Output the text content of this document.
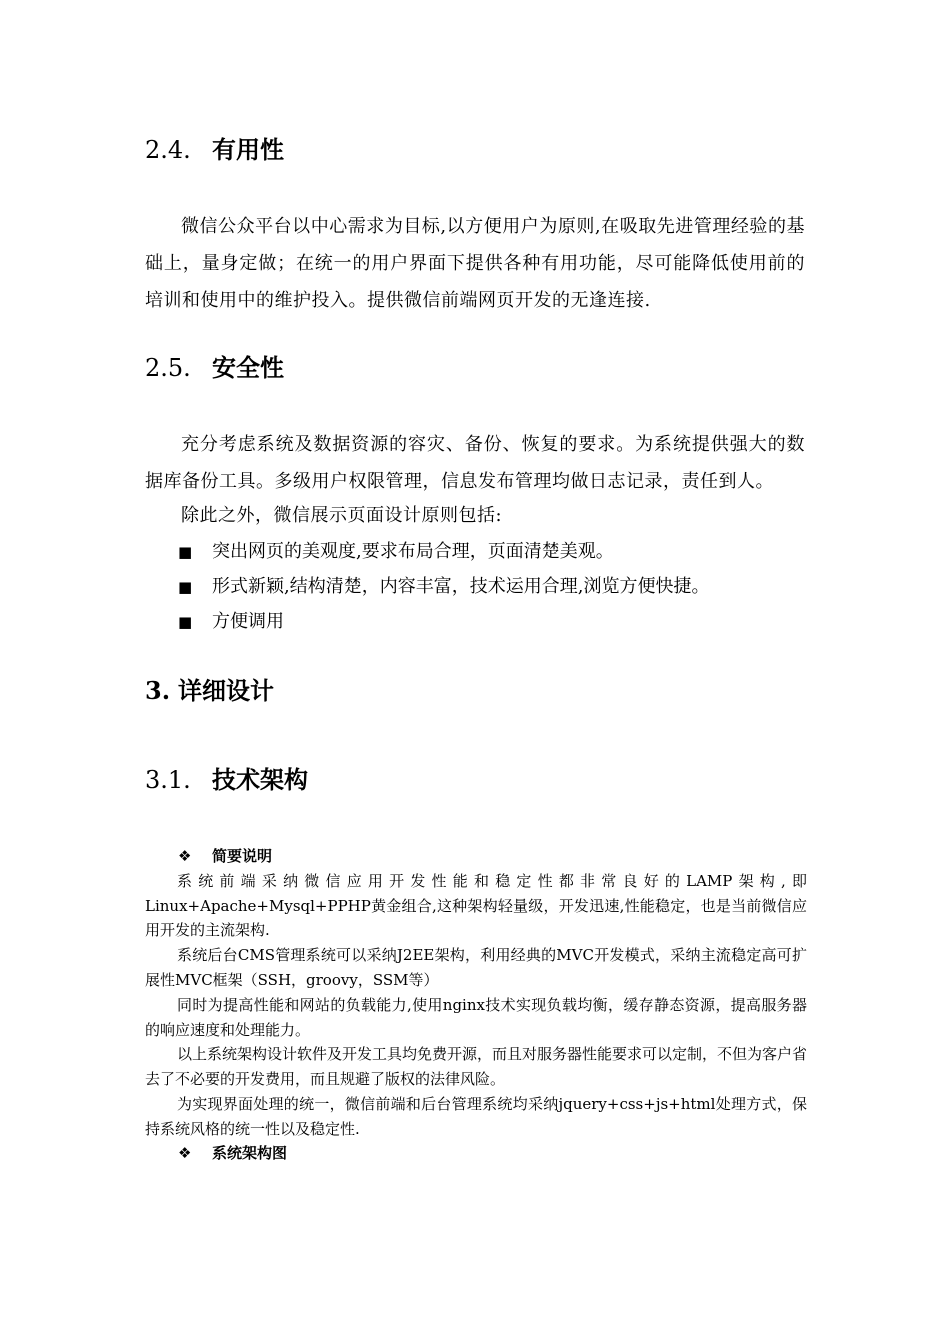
2.4. 有用性
微信公众平台以中心需求为目标,以方便用户为原则,在吸取先进管理经验的基础上，量身定做；在统一的用户界面下提供各种有用功能，尽可能降低使用前的培训和使用中的维护投入。提供微信前端网页开发的无逢连接.
2.5. 安全性
充分考虑系统及数据资源的容灾、备份、恢复的要求。为系统提供强大的数据库备份工具。多级用户权限管理，信息发布管理均做日志记录，责任到人。
除此之外，微信展示页面设计原则包括:
■ 突出网页的美观度,要求布局合理，页面清楚美观。
■ 形式新颖,结构清楚，内容丰富，技术运用合理,浏览方便快捷。
■ 方便调用
3. 详细设计
3.1. 技术架构
❖ 简要说明
系统前端采纳微信应用开发性能和稳定性都非常良好的LAMP架构,即Linux+Apache+Mysql+PPHP黄金组合,这种架构轻量级，开发迅速,性能稳定，也是当前微信应用开发的主流架构.
系统后台CMS管理系统可以采纳J2EE架构，利用经典的MVC开发模式，采纳主流稳定高可扩展性MVC框架（SSH，groovy，SSM等）
同时为提高性能和网站的负载能力,使用nginx技术实现负载均衡，缓存静态资源，提高服务器的响应速度和处理能力。
以上系统架构设计软件及开发工具均免费开源，而且对服务器性能要求可以定制，不但为客户省去了不必要的开发费用，而且规避了版权的法律风险。
为实现界面处理的统一，微信前端和后台管理系统均采纳jquery+css+js+html处理方式，保持系统风格的统一性以及稳定性.
❖ 系统架构图
